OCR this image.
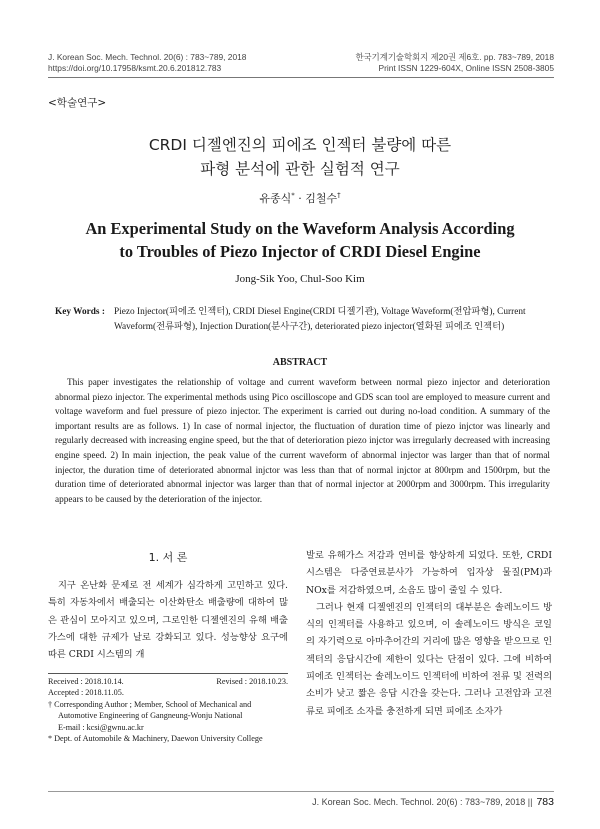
J. Korean Soc. Mech. Technol. 20(6) : 783~789, 2018
https://doi.org/10.17958/ksmt.20.6.201812.783
한국기계기술학회지 제20권 제6호. pp. 783~789, 2018
Print ISSN 1229-604X, Online ISSN 2508-3805
<학술연구>
CRDI 디젤엔진의 피에조 인젝터 불량에 따른
파형 분석에 관한 실험적 연구
유종식* · 김철수†
An Experimental Study on the Waveform Analysis According
to Troubles of Piezo Injector of CRDI Diesel Engine
Jong-Sik Yoo, Chul-Soo Kim
Key Words : Piezo Injector(피에조 인젝터), CRDI Diesel Engine(CRDI 디젤기관), Voltage Waveform(전압파형), Current Waveform(전류파형), Injection Duration(분사구간), deteriorated piezo injector(열화된 피에조 인젝터)
ABSTRACT

This paper investigates the relationship of voltage and current waveform between normal piezo injector and deterioration abnormal piezo injector. The experimental methods using Pico oscilloscope and GDS scan tool are employed to measure current and voltage waveform and fuel pressure of piezo injector. The experiment is carried out during no-load condition. A summary of the important results are as follows. 1) In case of normal injector, the fluctuation of duration time of piezo injctor was linearly and regularly decreased with increasing engine speed, but the that of deterioration piezo injctor was irregularly decreased with increasing engine speed. 2) In main injection, the peak value of the current waveform of abnormal injector was larger than that of normal injector, the duration time of deteriorated abnormal injctor was less than that of normal injctor at 800rpm and 1500rpm, but the duration time of deteriorated abnormal injector was larger than that of normal injector at 2000rpm and 3000rpm. This irregularity appears to be caused by the deterioration of the injector.

1. 서 론

지구 온난화 문제로 전 세계가 심각하게 고민하고 있다. 특히 자동차에서 배출되는 이산화탄소 배출량에 대하여 많은 관심이 모아지고 있으며, 그로인한 디젤엔진의 유해 배출가스에 대한 규제가 날로 강화되고 있다. 성능향상 요구에 따른 CRDI 시스템의 개

Received : 2018.10.14.	Revised : 2018.10.23.
Accepted : 2018.11.05.
† Corresponding Author ; Member, School of Mechanical and Automotive Engineering of Gangneung-Wonju National
E-mail : kcsi@gwnu.ac.kr
* Dept. of Automobile & Machinery, Daewon University College

발로 유해가스 저감과 연비를 향상하게 되었다. 또한, CRDI 시스템은 다중연료분사가 가능하여 입자상 물질(PM)과 NOx를 저감하였으며, 소음도 많이 줄일 수 있다.

그러나 현재 디젤엔진의 인젝터의 대부분은 솔레노이드 방식의 인젝터를 사용하고 있으며, 이 솔레노이드 방식은 코일의 자기력으로 아마추어간의 거리에 많은 영향을 받으므로 인젝터의 응답시간에 제한이 있다는 단점이 있다. 그에 비하여 피에조 인젝터는 솔레노이드 인젝터에 비하여 전류 및 전력의 소비가 낮고 짧은 응답 시간을 갖는다. 그러나 고전압과 고전류로 피에조 소자를 충전하게 되면 피에조 소자가

J. Korean Soc. Mech. Technol. 20(6) : 783~789, 2018 || 783
